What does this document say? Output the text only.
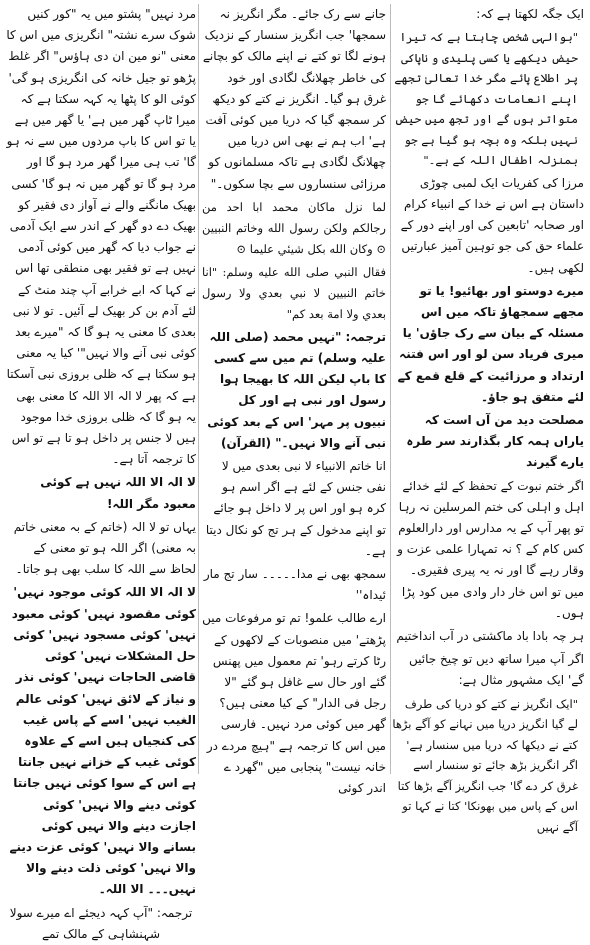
ایک جگہ لکھتا ہے کہ:

"بوالہی شخص چاہتا ہے کہ تیرا حیض دیکھے یا کسی پلیدی و ناپاکی پر اطلاع پائے مگر خدا تعالیٰ تجھے اپنے انعامات دکھائے گا جو متواتر ہوں گے اور تجھ میں حیض نہیں بلکہ وہ بچہ ہو گیا ہے جو بمنزلہ اطفال اللہ کے ہے۔"

مرزا کی کفریات ایک لمبی چوڑی داستان ہے اس نے خدا کے انبیاء کرام اور صحابہ 'تابعین کی اور اپنے دور کے علماء حق کی جو توہین آمیز عبارتیں لکھی ہیں۔

میرے دوستو اور بھائیو! یا تو مجھے سمجھاؤ تاکہ میں اس مسئلہ کے بیان سے رک جاؤں' یا میری فریاد سن لو اور اس فتنہ ارتداد و مرزائیت کے قلع قمع کے لئے متفق ہو جاؤ۔

مصلحت دید من آں است کہ یاراں ہمہ کار بگذارند سر طرہ یارے گیرند

اگر ختم نبوت کے تحفظ کے لئے خدائے اہل و اہلی کی ختم المرسلین نہ رہا تو پھر آپ کے یہ مدارس اور دارالعلوم کس کام کے ؟ نہ تمہارا علمی عزت و وقار رہے گا اور نہ یہ پیری فقیری۔ میں تو اس خار دار وادی میں کود پڑا ہوں۔

ہر چہ بادا باد ماکشتی در آب انداختیم

اگر آپ میرا ساتھ دیں تو چیخ جائیں گے' ایک مشہور مثال ہے:

"ایک انگریز نے کتے کو دریا کی طرف لے گیا انگریز دریا میں نہانے کو آگے بڑھا کتے نے دیکھا کہ دریا میں سنسار ہے' اگر انگریز بڑھ جائے تو سنسار اسے غرق کر دے گا' جب انگریز آگے بڑھا کتا اس کے پاس میں بھونکا' کتا نے کہا تو آگے نہیں

جانے سے رک جائے۔ مگر انگریز نہ سمجھا' جب انگریز سنسار کے نزدیک ہونے لگا تو کتے نے اپنے مالک کو بچانے کی خاطر چھلانگ لگادی اور خود غرق ہو گیا۔ انگریز نے کتے کو دیکھ کر سمجھ گیا کہ دریا میں کوئی آفت ہے' اب ہم نے بھی اس دریا میں چھلانگ لگادی ہے تاکہ مسلمانوں کو مرزائی سنساروں سے بچا سکوں۔"

لما نزل ماكان محمد ابا احد من رجالكم ولكن رسول الله وخاتم النبيين ⊙ وكان الله بكل شيئي عليما ⊙

فقال النبي صلى الله عليه وسلم: "انا خاتم النبيين لا نبي بعدي ولا رسول بعدي ولا امة بعد كم"

ترجمہ: "نہیں محمد (صلی اللہ علیہ وسلم) تم میں سے کسی کا باپ لیکن اللہ کا بھیجا ہوا رسول اور نبی ہے اور کل نبیوں پر مہر' اس کے بعد کوئی نبی آنے والا نہیں۔" (القرآن)

انا خاتم الانبیاء لا نبی بعدی میں لا نفی جنس کے لئے ہے اگر اسم ہو کرہ ہو اور اس پر لا داخل ہو جائے تو اپنے مدخول کے ہر تج کو نکال دیتا ہے۔

سمجھ بھی نے مدا۔۔۔۔۔ سار تج مار ئیداہ''

ارے طالب علمو! تم تو مرفوعات میں پڑھتے' میں منصوبات کے لاکھوں کے رٹا کرتے رہو' تم معمول میں پھنس گئے اور حال سے غافل ہو گئے "لا رجل فی الدار" کے کیا معنی ہیں؟ گھر میں کوئی مرد نہیں۔ فارسی میں اس کا ترجمہ ہے "ہیچ مردے در خانہ نیست" پنجابی میں "گھرد ے اندر کوئی

مرد نہیں" پشتو میں یہ "کور کنیں شوک سرے نشتہ" انگریزی میں اس کا معنی "نو مین ان دی ہاؤس" اگر غلط پڑھو تو جیل خانہ کی انگریزی ہو گی' کوئی الو کا پٹھا یہ کہہ سکتا ہے کہ میرا ٹاپ گھر میں ہے' یا گھر میں ہے یا تو اس کا باپ مردوں میں سے نہ ہو گا' تب ہی میرا گھر مرد ہو گا اور مرد ہو گا تو گھر میں نہ ہو گا' کسی بھیک مانگنے والے نے آواز دی فقیر کو بھیک دے دو گھر کے اندر سے ایک آدمی نے جواب دیا کہ گھر میں کوئی آدمی نہیں ہے تو فقیر بھی منطقی تھا اس نے کہا کہ ابے خرابے آپ چند منٹ کے لئے آدم بن کر بھیک لے آئیں۔ تو لا نبی بعدی کا معنی یہ ہو گا کہ "میرے بعد کوئی نبی آنے والا نہیں"' کیا یہ معنی ہو سکتا ہے کہ ظلی بروزی نبی آسکتا ہے کہ پھر لا الہ الا اللہ کا معنی بھی یہ ہو گا کہ ظلی بروزی خدا موجود ہیں لا جنس پر داخل ہو تا ہے تو اس کا ترجمہ آتا ہے۔

لا الہ الا اللہ نہیں ہے کوئی معبود مگر اللہ!

یہاں تو لا الہ (خاتم کے بہ معنی خاتم بہ معنی) اگر اللہ ہو تو معنی کے لحاظ سے اللہ کا سلب بھی ہو جاتا۔

لا الہ الا اللہ کوئی موجود نہیں' کوئی مقصود نہیں' کوئی معبود نہیں' کوئی مسجود نہیں' کوئی حل المشکلات نہیں' کوئی قاضی الحاجات نہیں' کوئی نذر و نیاز کے لائق نہیں' کوئی عالم الغیب نہیں' اسے کے پاس غیب کی کنجیاں ہیں اسے کے علاوہ کوئی غیب کے خزانے نہیں جانتا ہے اس کے سوا کوئی نہیں جانتا کوئی دینے والا نہیں' کوئی اجازت دینے والا نہیں کوئی بسانے والا نہیں' کوئی عزت دینے والا نہیں' کوئی ذلت دینے والا نہیں۔۔۔ الا اللہ۔

ترجمہ: "آپ کہہ دیجئے اے میرے سولا شہنشاہی کے مالک تمے
